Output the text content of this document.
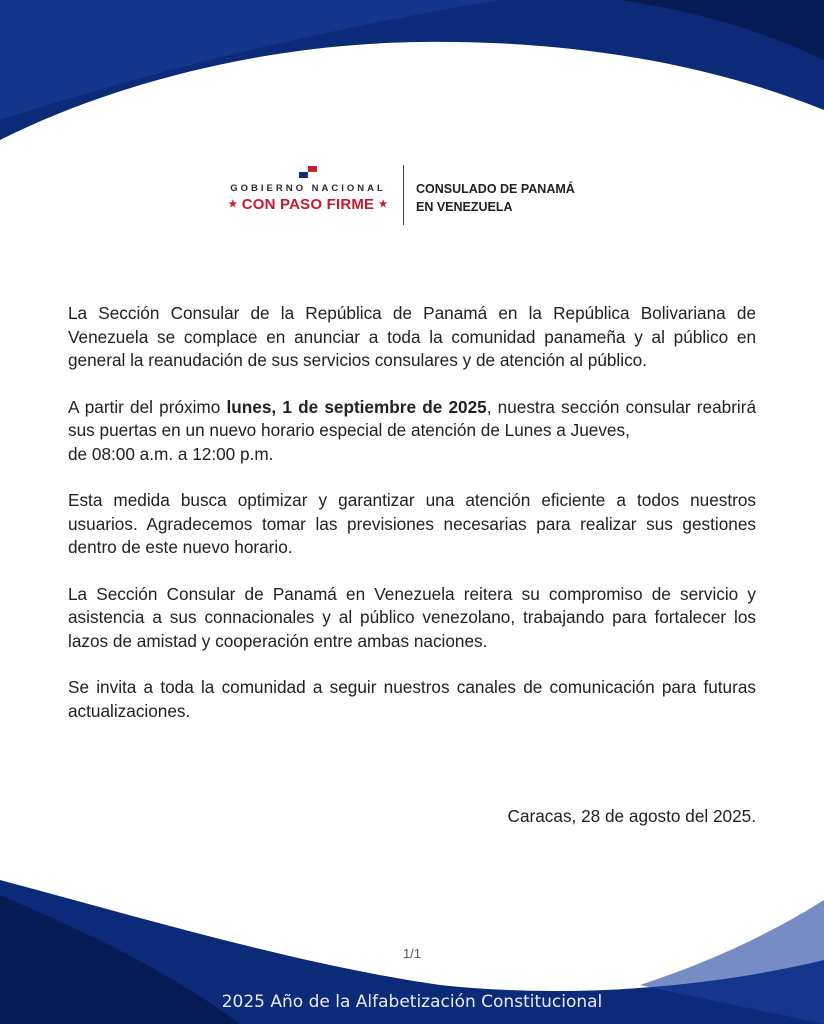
GOBIERNO NACIONAL
★ CON PASO FIRME ★
CONSULADO DE PANAMÁ
EN VENEZUELA

La Sección Consular de la República de Panamá en la República Bolivariana de Venezuela se complace en anunciar a toda la comunidad panameña y al público en general la reanudación de sus servicios consulares y de atención al público.

A partir del próximo lunes, 1 de septiembre de 2025, nuestra sección consular reabrirá sus puertas en un nuevo horario especial de atención de Lunes a Jueves,
de 08:00 a.m. a 12:00 p.m.

Esta medida busca optimizar y garantizar una atención eficiente a todos nuestros usuarios. Agradecemos tomar las previsiones necesarias para realizar sus gestiones dentro de este nuevo horario.

La Sección Consular de Panamá en Venezuela reitera su compromiso de servicio y asistencia a sus connacionales y al público venezolano, trabajando para fortalecer los lazos de amistad y cooperación entre ambas naciones.

Se invita a toda la comunidad a seguir nuestros canales de comunicación para futuras actualizaciones.

Caracas, 28 de agosto del 2025.
1/1
2025 Año de la Alfabetización Constitucional
